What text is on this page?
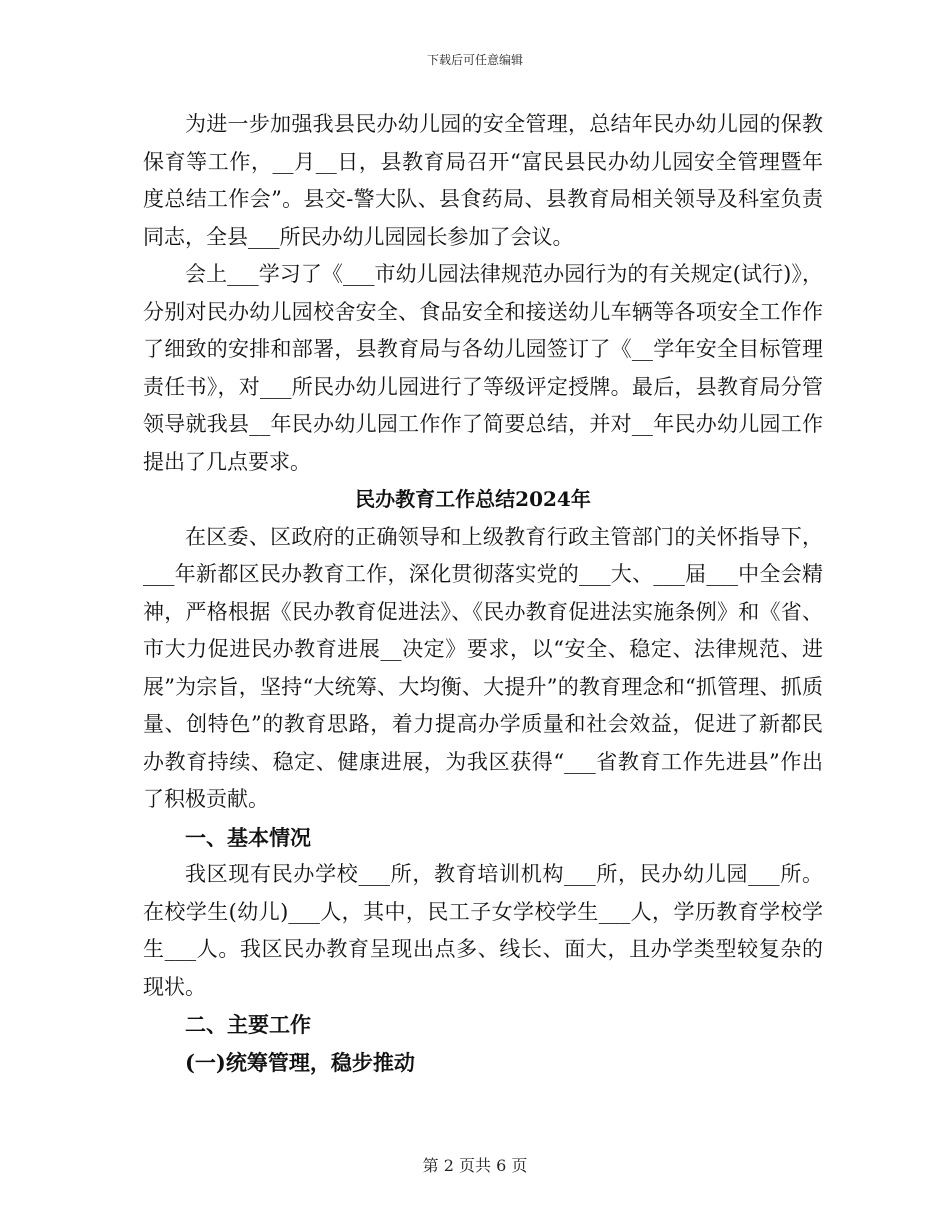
下载后可任意编辑

为进一步加强我县民办幼儿园的安全管理，总结年民办幼儿园的保教保育等工作，__月__日，县教育局召开“富民县民办幼儿园安全管理暨年度总结工作会”。县交-警大队、县食药局、县教育局相关领导及科室负责同志，全县___所民办幼儿园园长参加了会议。

会上___学习了《___市幼儿园法律规范办园行为的有关规定(试行)》，分别对民办幼儿园校舍安全、食品安全和接送幼儿车辆等各项安全工作作了细致的安排和部署，县教育局与各幼儿园签订了《__学年安全目标管理责任书》，对___所民办幼儿园进行了等级评定授牌。最后，县教育局分管领导就我县__年民办幼儿园工作作了简要总结，并对__年民办幼儿园工作提出了几点要求。

民办教育工作总结2024年

在区委、区政府的正确领导和上级教育行政主管部门的关怀指导下，___年新都区民办教育工作，深化贯彻落实党的___大、___届___中全会精神，严格根据《民办教育促进法》、《民办教育促进法实施条例》和《省、市大力促进民办教育进展__决定》要求，以“安全、稳定、法律规范、进展”为宗旨，坚持“大统筹、大均衡、大提升”的教育理念和“抓管理、抓质量、创特色”的教育思路，着力提高办学质量和社会效益，促进了新都民办教育持续、稳定、健康进展，为我区获得“___省教育工作先进县”作出了积极贡献。

一、基本情况

我区现有民办学校___所，教育培训机构___所，民办幼儿园___所。在校学生(幼儿)___人，其中，民工子女学校学生___人，学历教育学校学生___人。我区民办教育呈现出点多、线长、面大，且办学类型较复杂的现状。

二、主要工作

(一)统筹管理，稳步推动

第 2 页共 6 页
